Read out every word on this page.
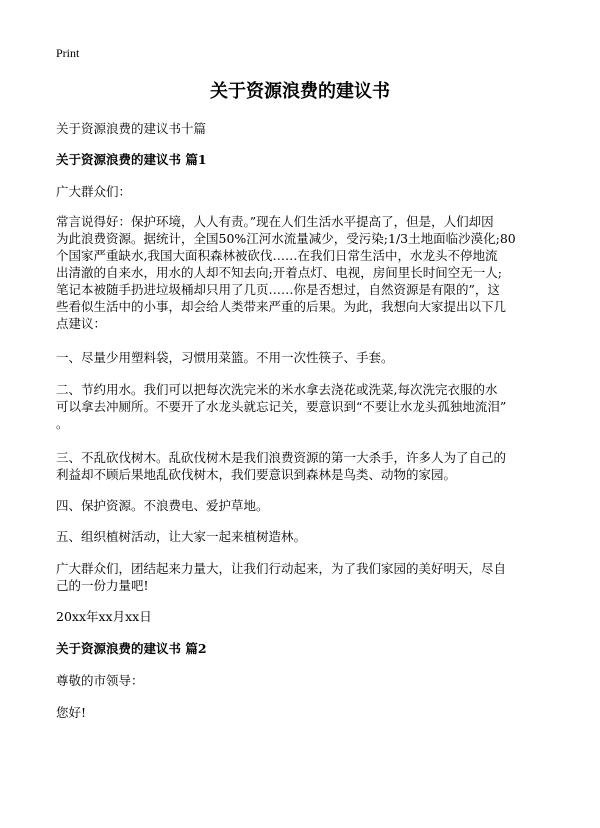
Print
关于资源浪费的建议书
关于资源浪费的建议书十篇
关于资源浪费的建议书 篇1
广大群众们：
常言说得好：保护环境，人人有责。”现在人们生活水平提高了，但是，人们却因
为此浪费资源。据统计，全国50%江河水流量减少，受污染;1/3土地面临沙漠化;80
个国家严重缺水,我国大面积森林被砍伐……在我们日常生活中，水龙头不停地流
出清澈的自来水，用水的人却不知去向;开着点灯、电视，房间里长时间空无一人;
笔记本被随手扔进垃圾桶却只用了几页……你是否想过，自然资源是有限的”，这
些看似生活中的小事，却会给人类带来严重的后果。为此，我想向大家提出以下几
点建议：
一、尽量少用塑料袋，习惯用菜篮。不用一次性筷子、手套。
二、节约用水。我们可以把每次洗完米的米水拿去浇花或洗菜,每次洗完衣服的水
可以拿去冲厕所。不要开了水龙头就忘记关，要意识到“不要让水龙头孤独地流泪”
。
三、不乱砍伐树木。乱砍伐树木是我们浪费资源的第一大杀手，许多人为了自己的
利益却不顾后果地乱砍伐树木，我们要意识到森林是鸟类、动物的家园。
四、保护资源。不浪费电、爱护草地。
五、组织植树活动，让大家一起来植树造林。
广大群众们，团结起来力量大，让我们行动起来，为了我们家园的美好明天，尽自
己的一份力量吧!
20xx年xx月xx日
关于资源浪费的建议书 篇2
尊敬的市领导：
您好!
